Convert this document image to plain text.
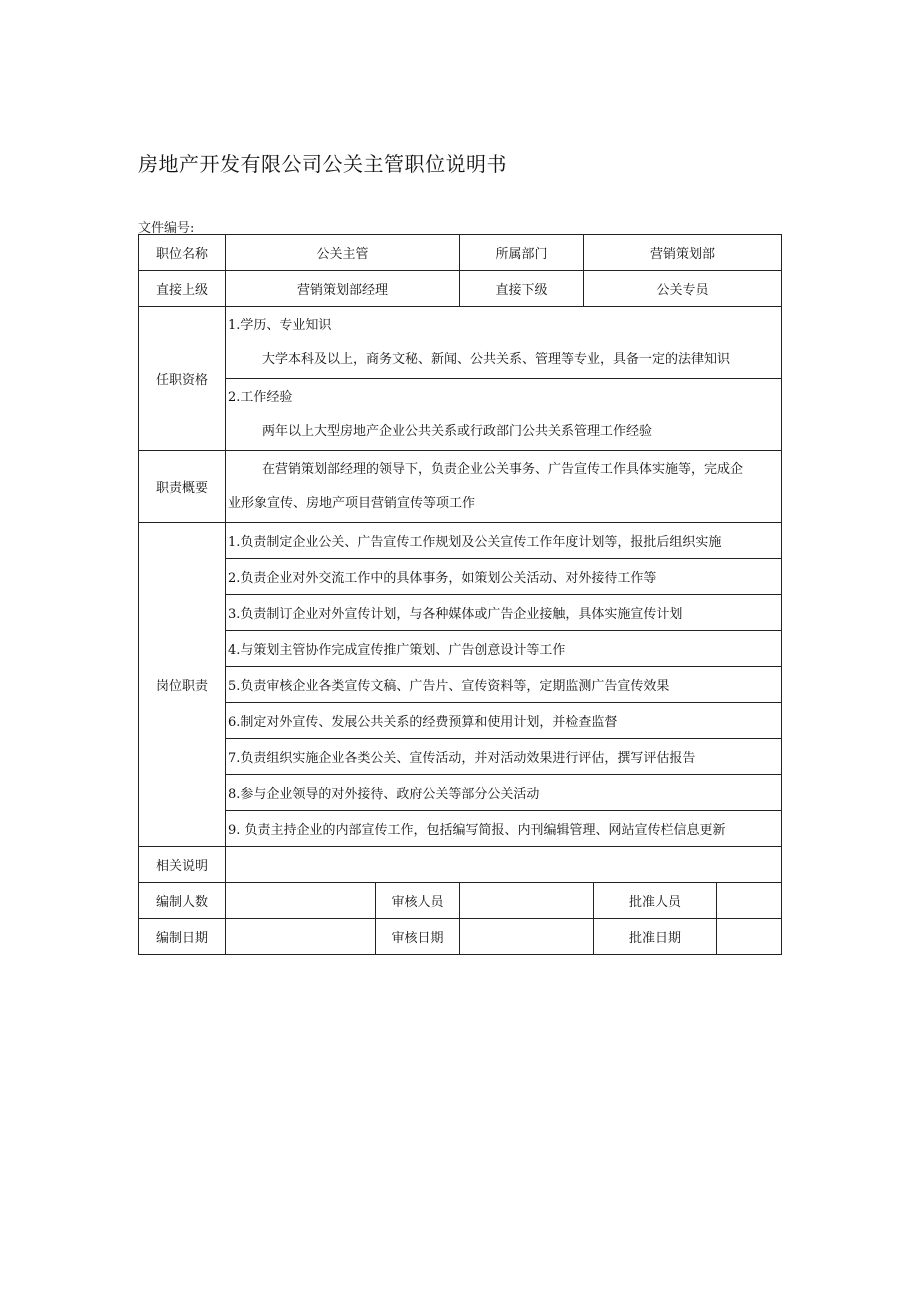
房地产开发有限公司公关主管职位说明书
文件编号:
职位名称	公关主管		所属部门	营销策划部		
直接上级	营销策划部经理		直接下级	公关专员		
任职资格	1.学历、专业知识
大学本科及以上，商务文秘、新闻、公共关系、管理等专业，具备一定的法律知识					

	2.工作经验
两年以上大型房地产企业公共关系或行政部门公共关系管理工作经验					

职责概要	在营销策划部经理的领导下，负责企业公关事务、广告宣传工作具体实施等，完成企
业形象宣传、房地产项目营销宣传等项工作					

岗位职责	1.负责制定企业公关、广告宣传工作规划及公关宣传工作年度计划等，报批后组织实施					
	2.负责企业对外交流工作中的具体事务，如策划公关活动、对外接待工作等					
	3.负责制订企业对外宣传计划，与各种媒体或广告企业接触，具体实施宣传计划					
	4.与策划主管协作完成宣传推广策划、广告创意设计等工作					
	5.负责审核企业各类宣传文稿、广告片、宣传资料等，定期监测广告宣传效果					
	6.制定对外宣传、发展公共关系的经费预算和使用计划，并检查监督					
	7.负责组织实施企业各类公关、宣传活动，并对活动效果进行评估，撰写评估报告					
	8.参与企业领导的对外接待、政府公关等部分公关活动					
	9. 负责主持企业的内部宣传工作，包括编写简报、内刊编辑管理、网站宣传栏信息更新					
相关说明						
编制人数		审核人员			批准人员	
编制日期		审核日期			批准日期	
